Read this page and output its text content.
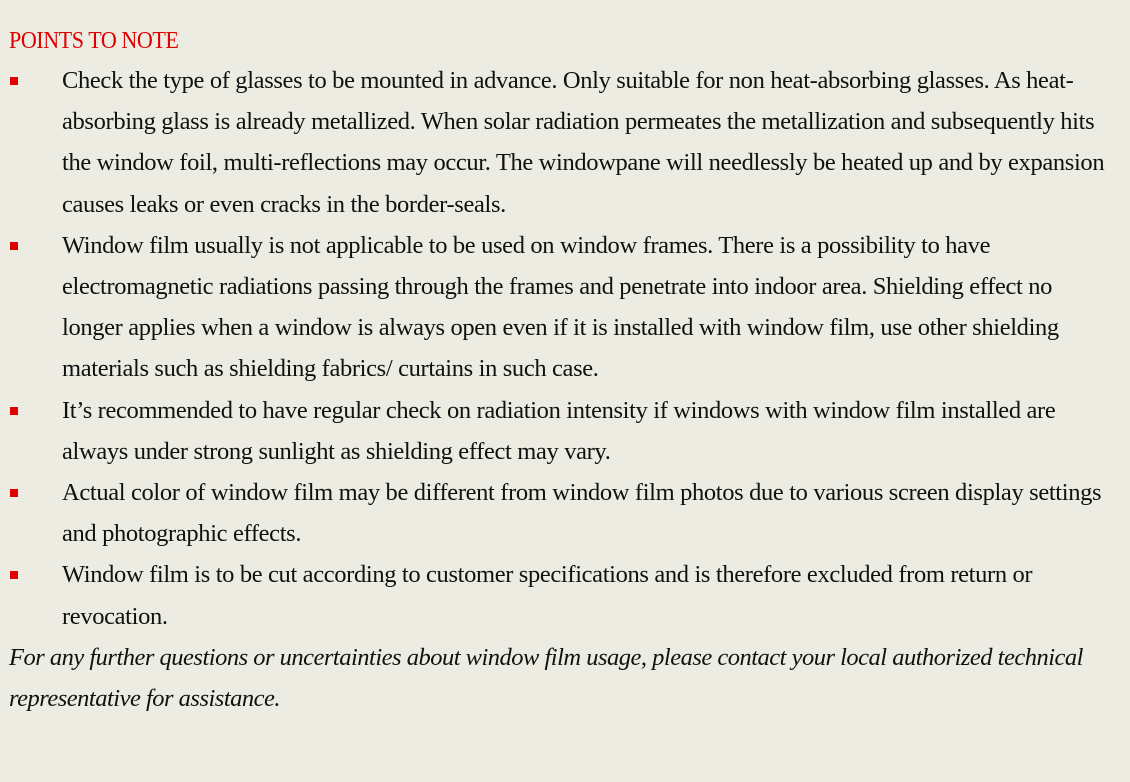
POINTS TO NOTE
Check the type of glasses to be mounted in advance. Only suitable for non heat-absorbing glasses. As heat-absorbing glass is already metallized. When solar radiation permeates the metallization and subsequently hits the window foil, multi-reflections may occur. The windowpane will needlessly be heated up and by expansion causes leaks or even cracks in the border-seals.
Window film usually is not applicable to be used on window frames. There is a possibility to have electromagnetic radiations passing through the frames and penetrate into indoor area. Shielding effect no longer applies when a window is always open even if it is installed with window film, use other shielding materials such as shielding fabrics/ curtains in such case.
It’s recommended to have regular check on radiation intensity if windows with window film installed are always under strong sunlight as shielding effect may vary.
Actual color of window film may be different from window film photos due to various screen display settings and photographic effects.
Window film is to be cut according to customer specifications and is therefore excluded from return or revocation.

For any further questions or uncertainties about window film usage, please contact your local authorized technical representative for assistance.
